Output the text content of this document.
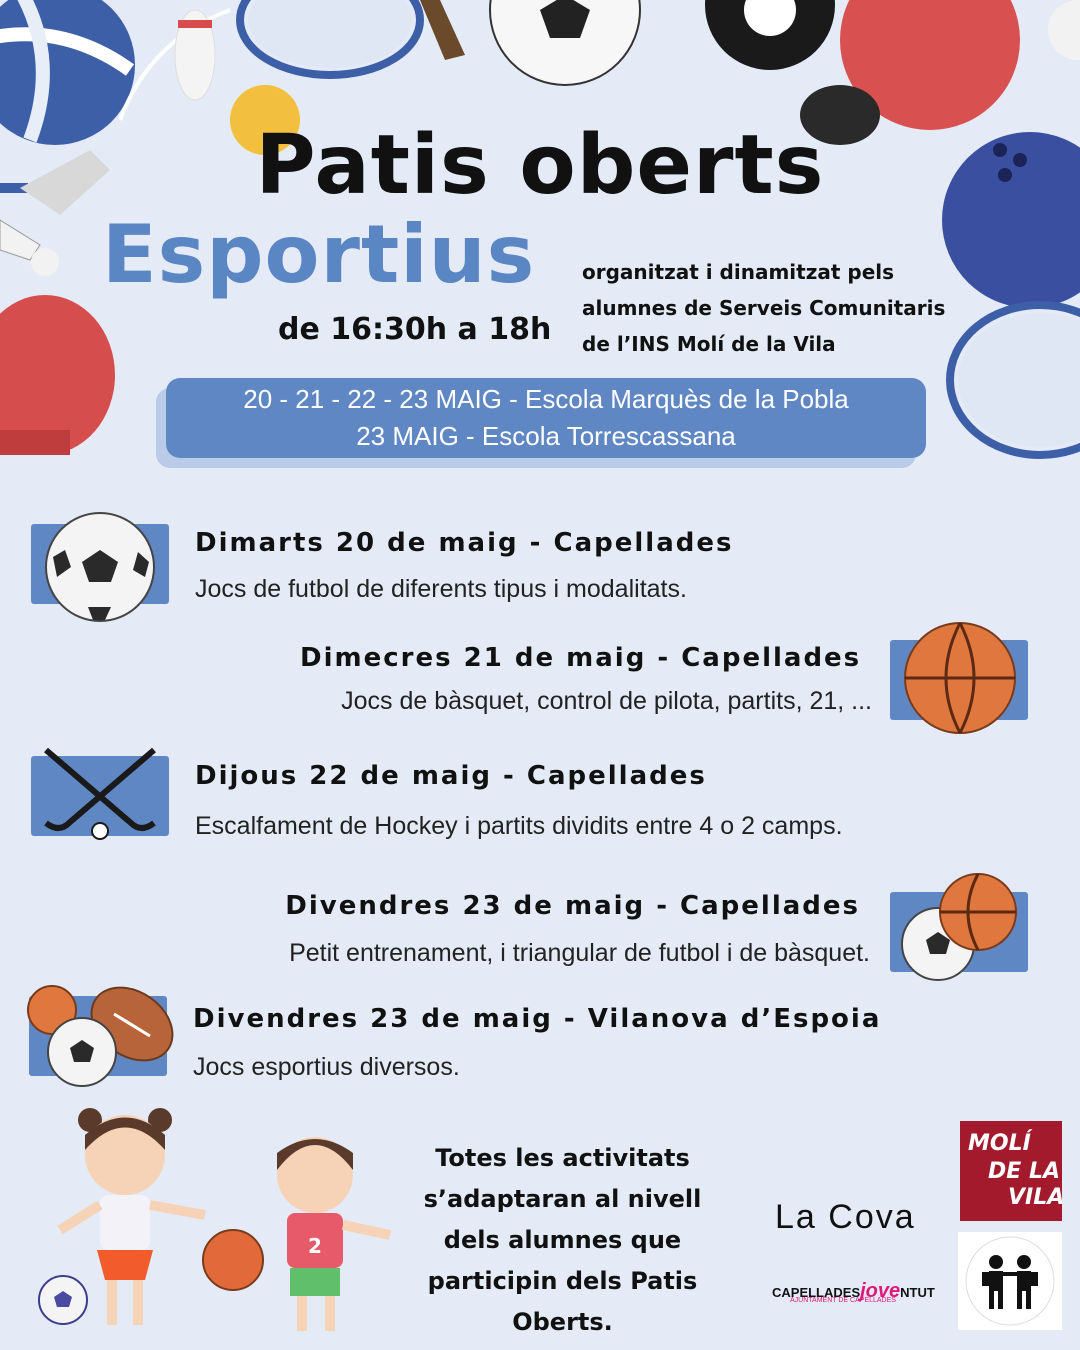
Patis oberts
Esportius
de 16:30h a 18h
organitzat i dinamitzat pels
alumnes de Serveis Comunitaris
de l’INS Molí de la Vila
20 - 21 - 22 - 23 MAIG - Escola Marquès de la Pobla
23 MAIG - Escola Torrescassana
Dimarts 20 de maig - Capellades
Jocs de futbol de diferents tipus i modalitats.
Dimecres 21 de maig - Capellades
Jocs de bàsquet, control de pilota, partits, 21, ...
Dijous 22 de maig - Capellades
Escalfament de Hockey i partits dividits entre 4 o 2 camps.
Divendres 23 de maig - Capellades
Petit entrenament, i triangular de futbol i de bàsquet.
Divendres 23 de maig - Vilanova d’Espoia
Jocs esportius diversos.
2
Totes les activitats
s’adaptaran al nivell
dels alumnes que
participin dels Patis
Oberts.
La Cova
CAPELLADESjoveNTUT
AJUNTAMENT DE CAPELLADES
MOLÍ
DE LA
VILA
